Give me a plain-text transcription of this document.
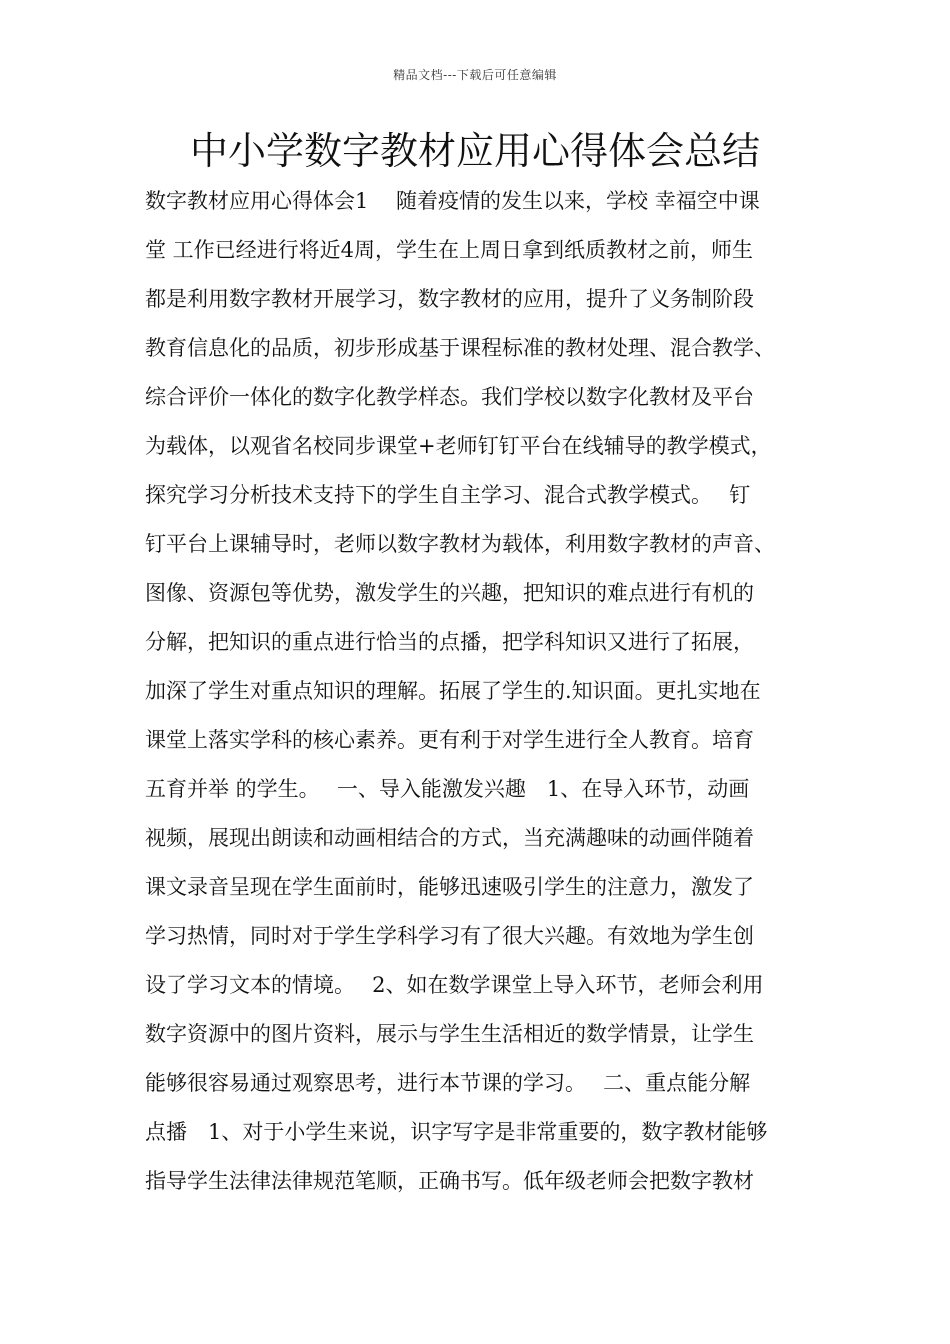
精品文档---下载后可任意编辑
中小学数字教材应用心得体会总结
数字教材应用心得体会1　 随着疫情的发生以来，学校 幸福空中课
堂 工作已经进行将近4周，学生在上周日拿到纸质教材之前，师生
都是利用数字教材开展学习，数字教材的应用，提升了义务制阶段
教育信息化的品质，初步形成基于课程标准的教材处理、混合教学、
综合评价一体化的数字化教学样态。我们学校以数字化教材及平台
为载体，以观省名校同步课堂+老师钉钉平台在线辅导的教学模式，
探究学习分析技术支持下的学生自主学习、混合式教学模式。　 钉
钉平台上课辅导时，老师以数字教材为载体，利用数字教材的声音、
图像、资源包等优势，激发学生的兴趣，把知识的难点进行有机的
分解，把知识的重点进行恰当的点播，把学科知识又进行了拓展，
加深了学生对重点知识的理解。拓展了学生的.知识面。更扎实地在
课堂上落实学科的核心素养。更有利于对学生进行全人教育。培育
五育并举 的学生。　 一、导入能激发兴趣　1、在导入环节，动画
视频，展现出朗读和动画相结合的方式，当充满趣味的动画伴随着
课文录音呈现在学生面前时，能够迅速吸引学生的注意力，激发了
学习热情，同时对于学生学科学习有了很大兴趣。有效地为学生创
设了学习文本的情境。　 2、如在数学课堂上导入环节，老师会利用
数字资源中的图片资料，展示与学生生活相近的数学情景，让学生
能够很容易通过观察思考，进行本节课的学习。　 二、重点能分解
点播　1、对于小学生来说，识字写字是非常重要的，数字教材能够
指导学生法律法律规范笔顺，正确书写。低年级老师会把数字教材
